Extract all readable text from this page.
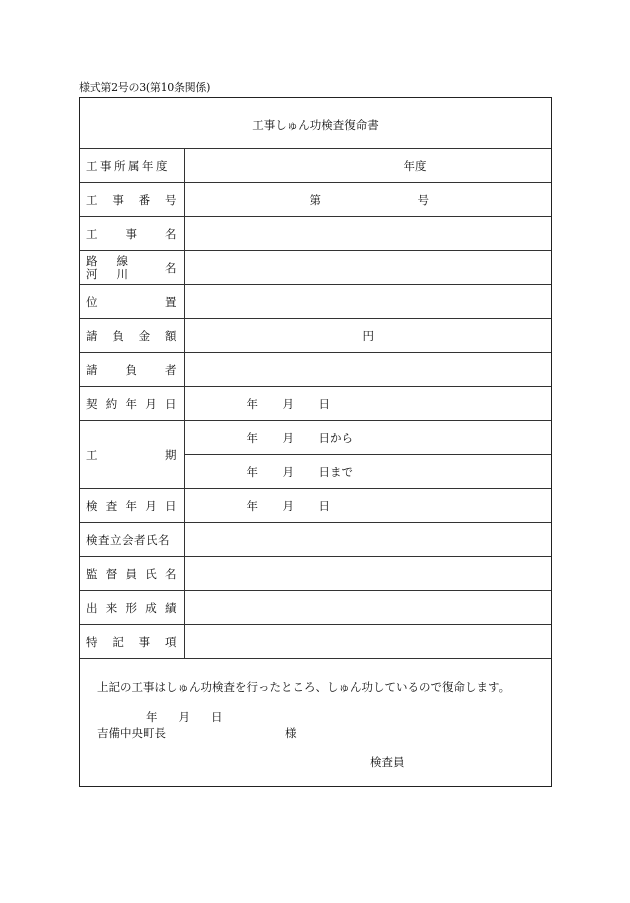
様式第2号の3(第10条関係)
工事しゅん功検査復命書
工事所属年度	年度

工 事 番 号	第 号

工 事 名	

路 線
河 川 名	

位 置	

請 負 金 額	円

請 負 者	

契 約 年 月 日	年 月 日

工 期	年 月 日から

	年 月 日まで

検 査 年 月 日	年 月 日

検査立会者氏名	

監 督 員 氏 名	

出 来 形 成 績	

特 記 事 項	

上記の工事はしゅん功検査を行ったところ、しゅん功しているので復命します。
年 月 日
吉備中央町長	様
検査員
